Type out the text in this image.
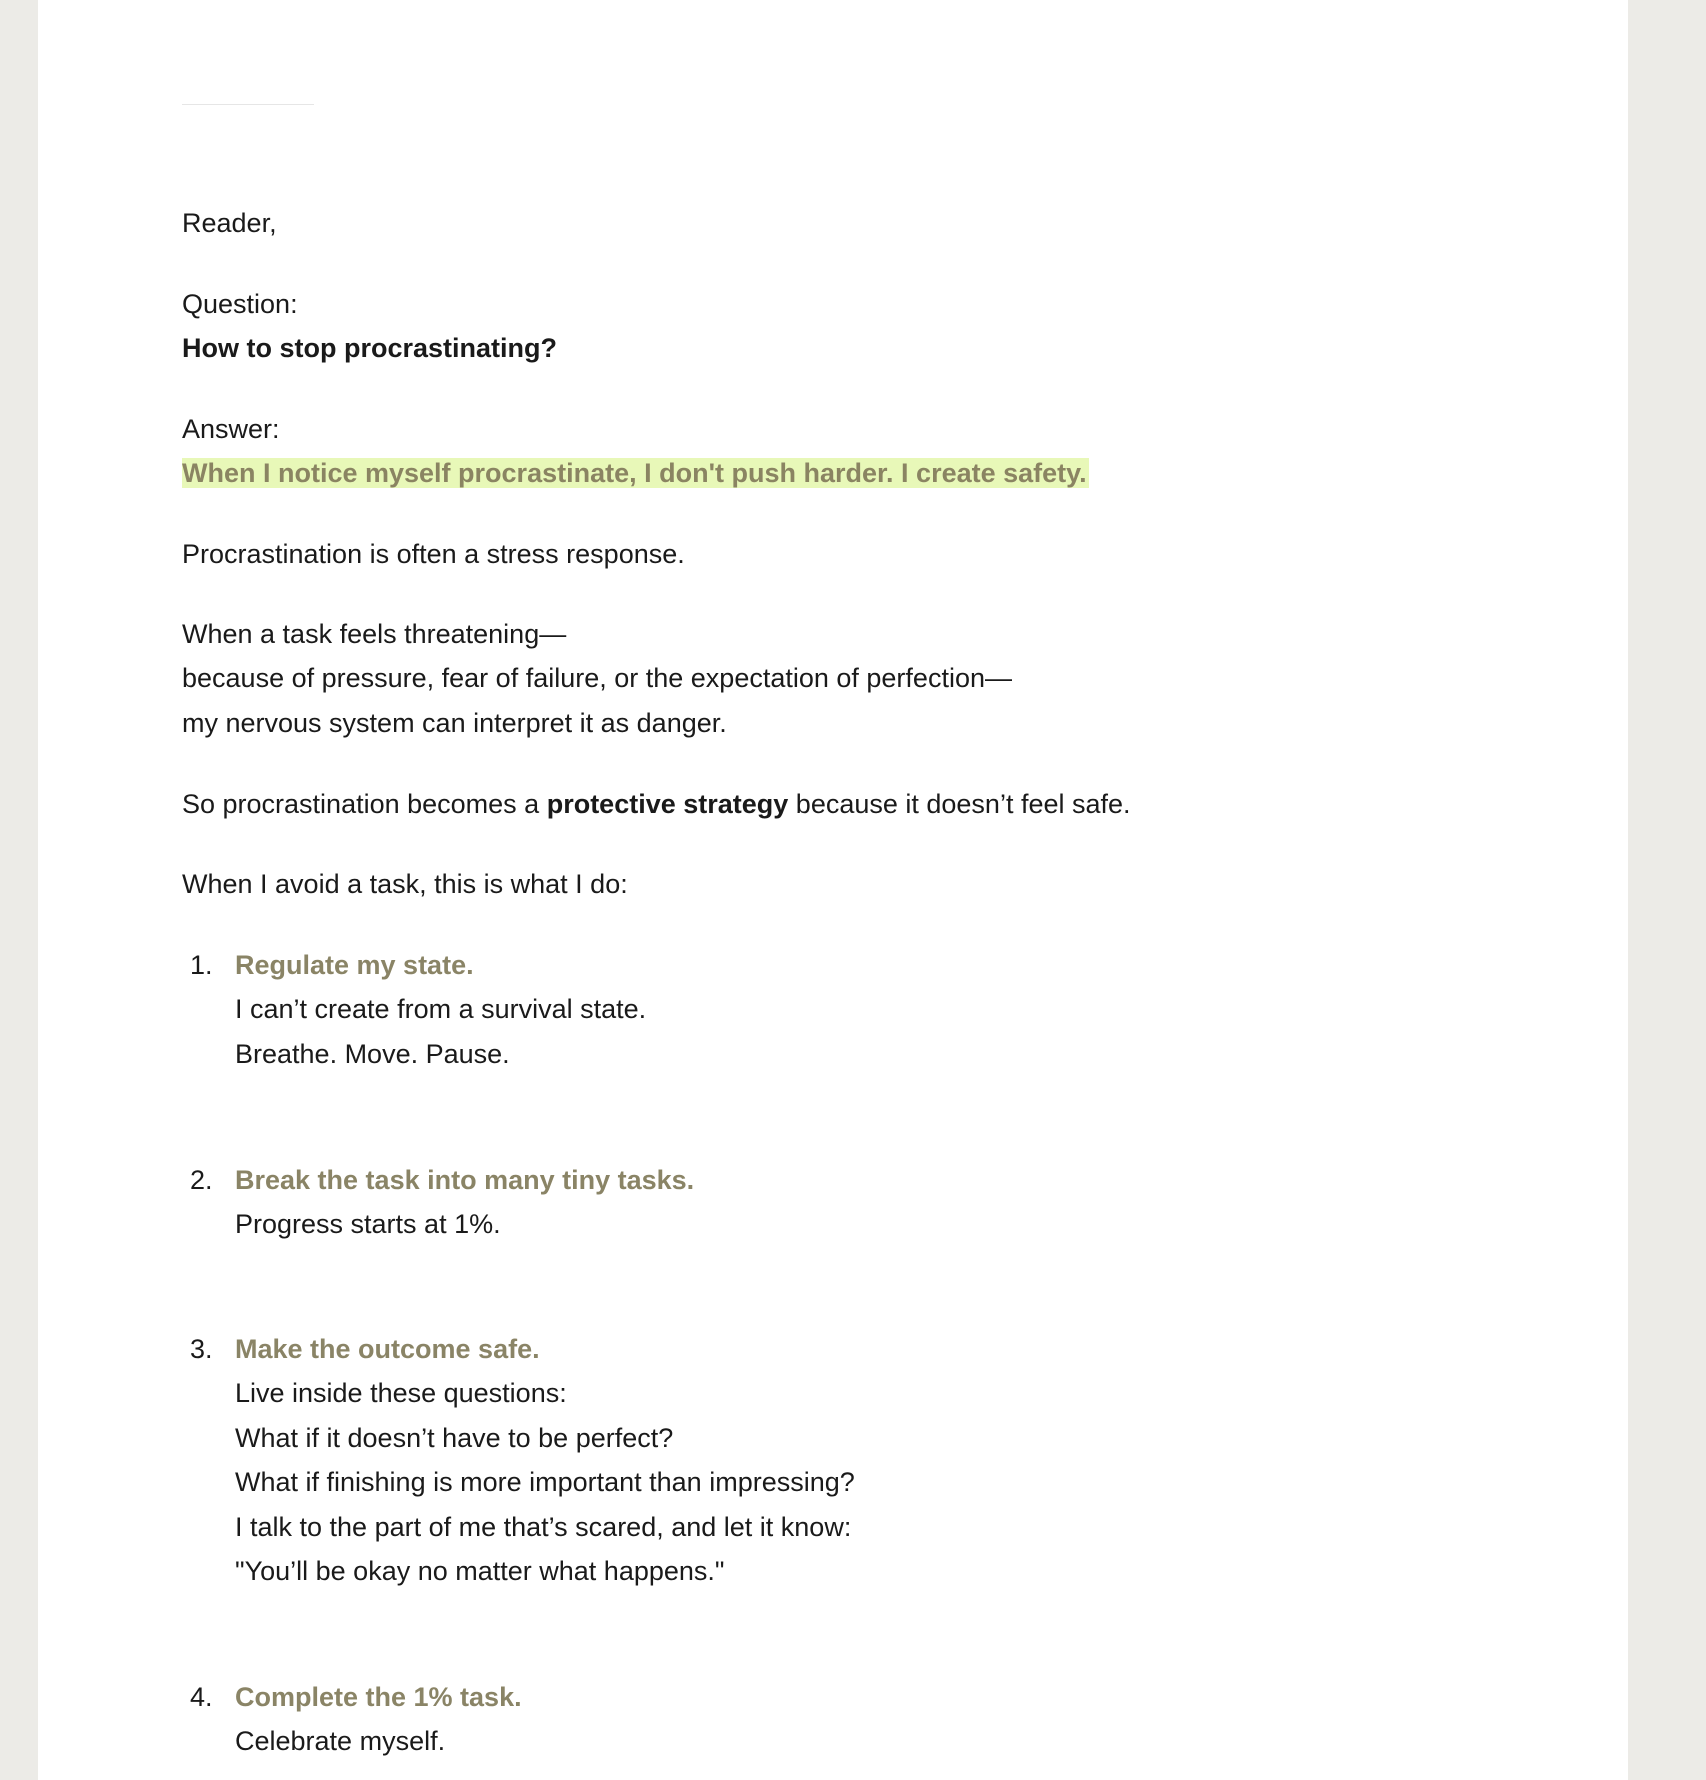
Reader,

Question:

How to stop procrastinating?

Answer:

When I notice myself procrastinate, I don't push harder. I create safety.

Procrastination is often a stress response.

When a task feels threatening—

because of pressure, fear of failure, or the expectation of perfection—

my nervous system can interpret it as danger.

So procrastination becomes a protective strategy because it doesn’t feel safe.

When I avoid a task, this is what I do:

1. Regulate my state.
I can’t create from a survival state.
Breathe. Move. Pause.
2. Break the task into many tiny tasks.
Progress starts at 1%.
3. Make the outcome safe.
Live inside these questions:
What if it doesn’t have to be perfect?
What if finishing is more important than impressing?
I talk to the part of me that’s scared, and let it know:
"You’ll be okay no matter what happens."
4. Complete the 1% task.
Celebrate myself.
